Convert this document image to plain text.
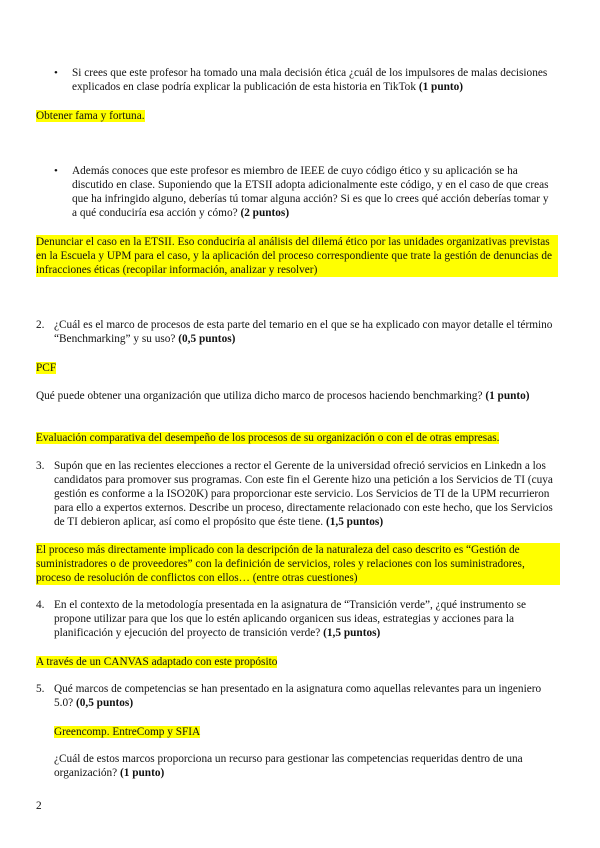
• Si crees que este profesor ha tomado una mala decisión ética ¿cuál de los impulsores de malas decisiones explicados en clase podría explicar la publicación de esta historia en TikTok (1 punto)

Obtener fama y fortuna.

• Además conoces que este profesor es miembro de IEEE de cuyo código ético y su aplicación se ha discutido en clase. Suponiendo que la ETSII adopta adicionalmente este código, y en el caso de que creas que ha infringido alguno, deberías tú tomar alguna acción? Si es que lo crees qué acción deberías tomar y a qué conduciría esa acción y cómo? (2 puntos)

Denunciar el caso en la ETSII. Eso conduciría al análisis del dilemá ético por las unidades organizativas previstas en la Escuela y UPM para el caso, y la aplicación del proceso correspondiente que trate la gestión de denuncias de infracciones éticas (recopilar información, analizar y resolver)

2. ¿Cuál es el marco de procesos de esta parte del temario en el que se ha explicado con mayor detalle el término “Benchmarking” y su uso? (0,5 puntos)

PCF

Qué puede obtener una organización que utiliza dicho marco de procesos haciendo benchmarking? (1 punto)

Evaluación comparativa del desempeño de los procesos de su organización o con el de otras empresas.

3. Supón que en las recientes elecciones a rector el Gerente de la universidad ofreció servicios en Linkedn a los candidatos para promover sus programas. Con este fin el Gerente hizo una petición a los Servicios de TI (cuya gestión es conforme a la ISO20K) para proporcionar este servicio. Los Servicios de TI de la UPM recurrieron para ello a expertos externos. Describe un proceso, directamente relacionado con este hecho, que los Servicios de TI debieron aplicar, así como el propósito que éste tiene. (1,5 puntos)

El proceso más directamente implicado con la descripción de la naturaleza del caso descrito es “Gestión de suministradores o de proveedores” con la definición de servicios, roles y relaciones con los suministradores, proceso de resolución de conflictos con ellos… (entre otras cuestiones)

4. En el contexto de la metodología presentada en la asignatura de “Transición verde”, ¿qué instrumento se propone utilizar para que los que lo estén aplicando organicen sus ideas, estrategias y acciones para la planificación y ejecución del proyecto de transición verde? (1,5 puntos)

A través de un CANVAS adaptado con este propósito

5. Qué marcos de competencias se han presentado en la asignatura como aquellas relevantes para un ingeniero 5.0? (0,5 puntos)

Greencomp. EntreComp y SFIA

¿Cuál de estos marcos proporciona un recurso para gestionar las competencias requeridas dentro de una organización? (1 punto)

2
